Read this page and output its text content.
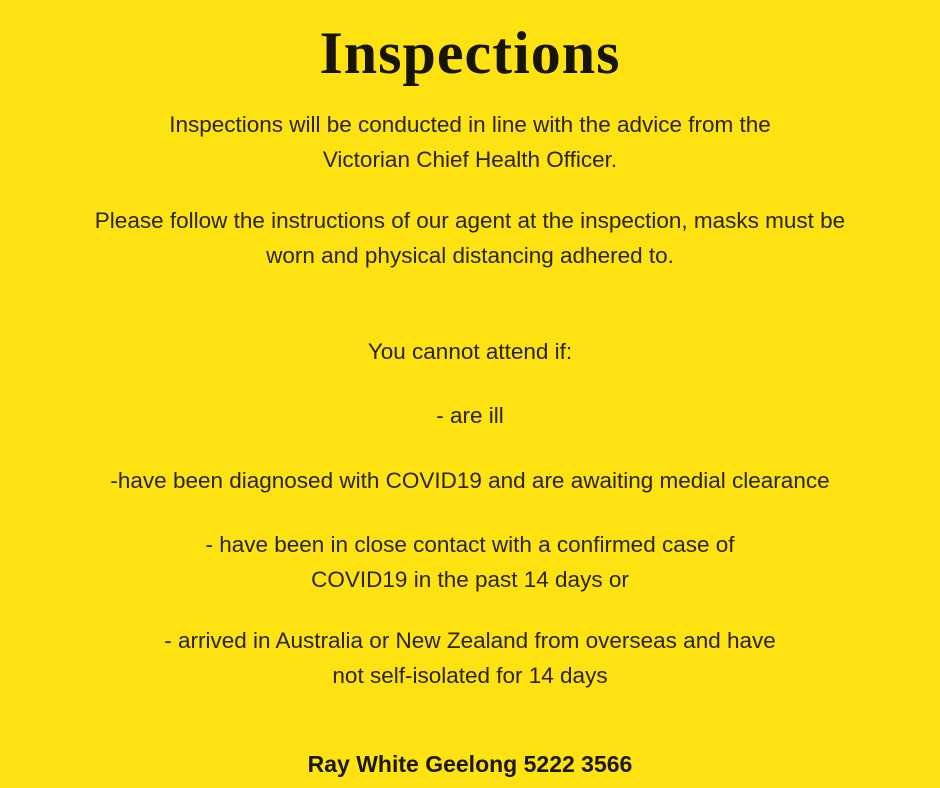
Inspections
Inspections will be conducted in line with the advice from the
Victorian Chief Health Officer.
Please follow the instructions of our agent at the inspection, masks must be
worn and physical distancing adhered to.
You cannot attend if:
- are ill
-have been diagnosed with COVID19 and are awaiting medial clearance
- have been in close contact with a confirmed case of
COVID19 in the past 14 days or
- arrived in Australia or New Zealand from overseas and have
not self-isolated for 14 days
Ray White Geelong 5222 3566
